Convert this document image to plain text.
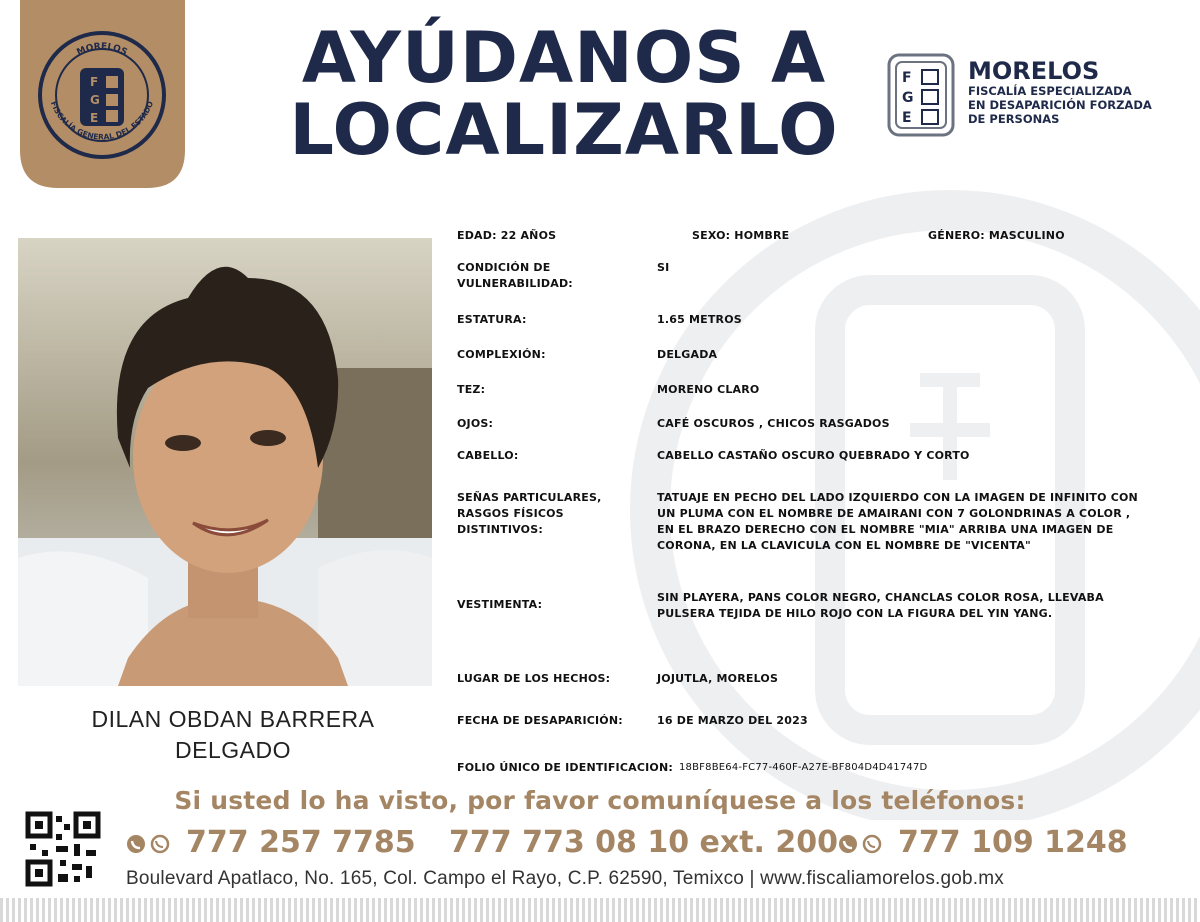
F
G
E
MORELOS
FISCALÍA GENERAL DEL ESTADO
AYÚDANOS A
LOCALIZARLO
F
G
E
MORELOS
FISCALÍA ESPECIALIZADA
EN DESAPARICIÓN FORZADA
DE PERSONAS
DILAN OBDAN BARRERA
DELGADO
EDAD: 22 AÑOS	SEXO: HOMBRE	GÉNERO: MASCULINO
CONDICIÓN DE VULNERABILIDAD:
SI
ESTATURA:	1.65 METROS
COMPLEXIÓN:	DELGADA
TEZ:	MORENO CLARO
OJOS:	CAFÉ OSCUROS , CHICOS RASGADOS
CABELLO:	CABELLO CASTAÑO OSCURO QUEBRADO Y CORTO
SEÑAS PARTICULARES, RASGOS FÍSICOS DISTINTIVOS:
TATUAJE EN PECHO DEL LADO IZQUIERDO CON LA IMAGEN DE INFINITO CON UN PLUMA CON EL NOMBRE DE AMAIRANI CON 7 GOLONDRINAS A COLOR , EN EL BRAZO DERECHO CON EL NOMBRE "MIA" ARRIBA UNA IMAGEN DE CORONA, EN LA CLAVICULA CON EL NOMBRE DE "VICENTA"
VESTIMENTA:
SIN PLAYERA, PANS COLOR NEGRO, CHANCLAS COLOR ROSA, LLEVABA PULSERA TEJIDA DE HILO ROJO CON LA FIGURA DEL YIN YANG.
LUGAR DE LOS HECHOS:	JOJUTLA, MORELOS
FECHA DE DESAPARICIÓN:	16 DE MARZO DEL 2023
FOLIO ÚNICO DE IDENTIFICACION: 18BF8BE64-FC77-460F-A27E-BF804D4D41747D
Si usted lo ha visto, por favor comuníquese a los teléfonos:
777 257 7785 777 773 08 10 ext. 200 777 109 1248
Boulevard Apatlaco, No. 165, Col. Campo el Rayo, C.P. 62590, Temixco | www.fiscaliamorelos.gob.mx
